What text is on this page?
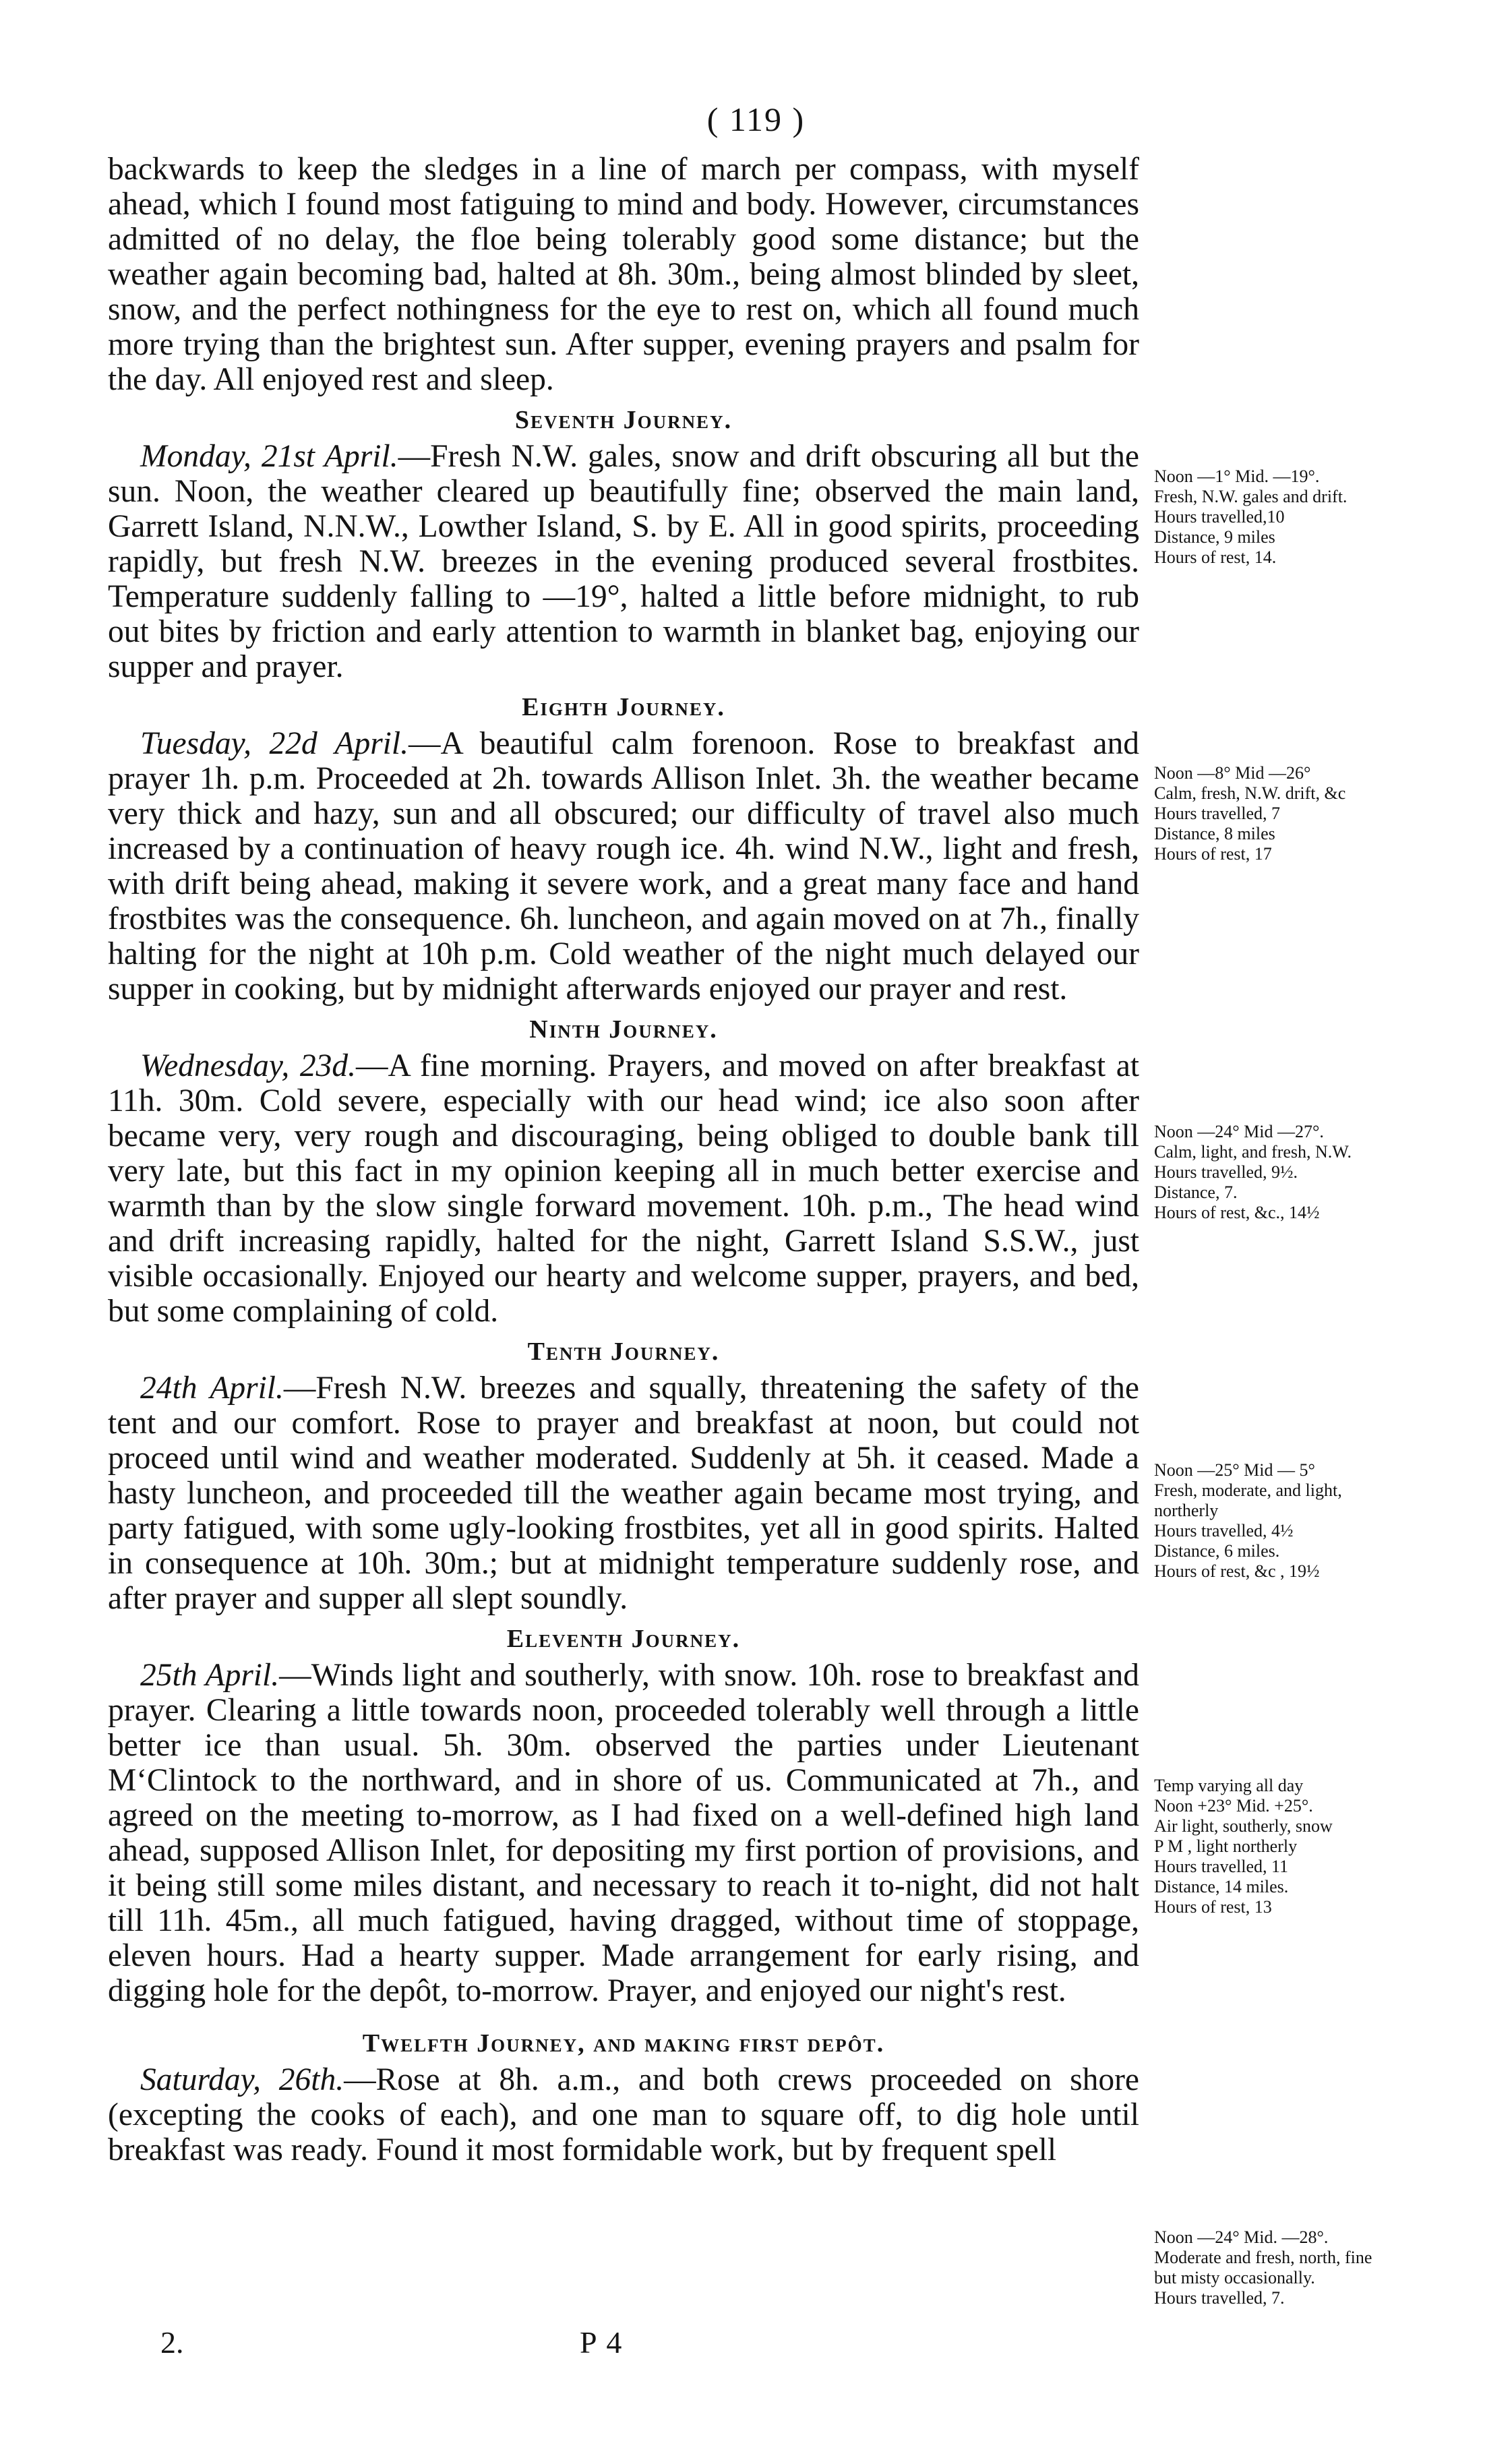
( 119 )

backwards to keep the sledges in a line of march per compass, with myself ahead, which I found most fatiguing to mind and body. However, circumstances admitted of no delay, the floe being tolerably good some distance; but the weather again becoming bad, halted at 8h. 30m., being almost blinded by sleet, snow, and the perfect nothingness for the eye to rest on, which all found much more trying than the brightest sun. After supper, evening prayers and psalm for the day. All enjoyed rest and sleep.

Seventh Journey.

Monday, 21st April.—Fresh N.W. gales, snow and drift obscuring all but the sun. Noon, the weather cleared up beautifully fine; observed the main land, Garrett Island, N.N.W., Lowther Island, S. by E. All in good spirits, proceeding rapidly, but fresh N.W. breezes in the evening produced several frostbites. Temperature suddenly falling to —19°, halted a little before midnight, to rub out bites by friction and early attention to warmth in blanket bag, enjoying our supper and prayer.

Eighth Journey.

Tuesday, 22d April.—A beautiful calm forenoon. Rose to breakfast and prayer 1h. p.m. Proceeded at 2h. towards Allison Inlet. 3h. the weather became very thick and hazy, sun and all obscured; our difficulty of travel also much increased by a continuation of heavy rough ice. 4h. wind N.W., light and fresh, with drift being ahead, making it severe work, and a great many face and hand frostbites was the consequence. 6h. luncheon, and again moved on at 7h., finally halting for the night at 10h p.m. Cold weather of the night much delayed our supper in cooking, but by midnight afterwards enjoyed our prayer and rest.

Ninth Journey.

Wednesday, 23d.—A fine morning. Prayers, and moved on after breakfast at 11h. 30m. Cold severe, especially with our head wind; ice also soon after became very, very rough and discouraging, being obliged to double bank till very late, but this fact in my opinion keeping all in much better exercise and warmth than by the slow single forward movement. 10h. p.m., The head wind and drift increasing rapidly, halted for the night, Garrett Island S.S.W., just visible occasionally. Enjoyed our hearty and welcome supper, prayers, and bed, but some complaining of cold.

Tenth Journey.

24th April.—Fresh N.W. breezes and squally, threatening the safety of the tent and our comfort. Rose to prayer and breakfast at noon, but could not proceed until wind and weather moderated. Suddenly at 5h. it ceased. Made a hasty luncheon, and proceeded till the weather again became most trying, and party fatigued, with some ugly-looking frostbites, yet all in good spirits. Halted in consequence at 10h. 30m.; but at midnight temperature suddenly rose, and after prayer and supper all slept soundly.

Eleventh Journey.

25th April.—Winds light and southerly, with snow. 10h. rose to breakfast and prayer. Clearing a little towards noon, proceeded tolerably well through a little better ice than usual. 5h. 30m. observed the parties under Lieutenant M‘Clintock to the northward, and in shore of us. Communicated at 7h., and agreed on the meeting to-morrow, as I had fixed on a well-defined high land ahead, supposed Allison Inlet, for depositing my first portion of provisions, and it being still some miles distant, and necessary to reach it to-night, did not halt till 11h. 45m., all much fatigued, having dragged, without time of stoppage, eleven hours. Had a hearty supper. Made arrangement for early rising, and digging hole for the depôt, to-morrow. Prayer, and enjoyed our night's rest.

Twelfth Journey, and making first depôt.

Saturday, 26th.—Rose at 8h. a.m., and both crews proceeded on shore (excepting the cooks of each), and one man to square off, to dig hole until breakfast was ready. Found it most formidable work, but by frequent spell

Noon —1° Mid. —19°.
Fresh, N.W. gales and drift.
Hours travelled,10
Distance, 9 miles
Hours of rest, 14.
Noon —8° Mid —26°
Calm, fresh, N.W. drift, &c
Hours travelled, 7
Distance, 8 miles
Hours of rest, 17
Noon —24° Mid —27°.
Calm, light, and fresh, N.W.
Hours travelled, 9½.
Distance, 7.
Hours of rest, &c., 14½
Noon —25° Mid — 5°
Fresh, moderate, and light,
northerly
Hours travelled, 4½
Distance, 6 miles.
Hours of rest, &c , 19½
Temp varying all day
Noon +23° Mid. +25°.
Air light, southerly, snow
P M , light northerly
Hours travelled, 11
Distance, 14 miles.
Hours of rest, 13
Noon —24° Mid. —28°.
Moderate and fresh, north, fine
but misty occasionally.
Hours travelled, 7.
2.	P 4
